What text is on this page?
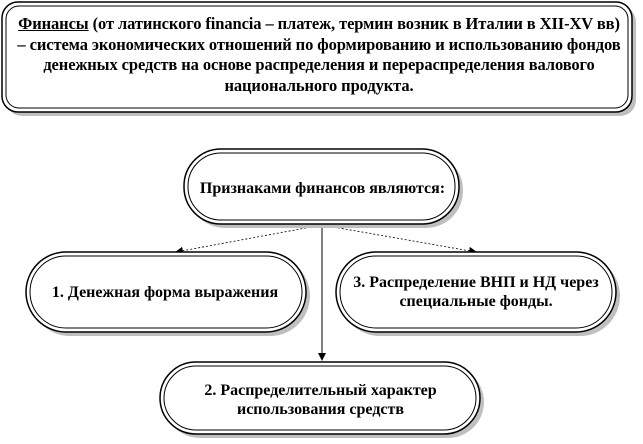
Финансы (от латинского financia – платеж, термин возник в Италии в XII-XV вв) – система экономических отношений по формированию и использованию фондов денежных средств на основе распределения и перераспределения валового национального продукта.

Признаками финансов являются:
1. Денежная форма выражения
3. Распределение ВНП и НД через специальные фонды.
2. Распределительный характер использования средств
